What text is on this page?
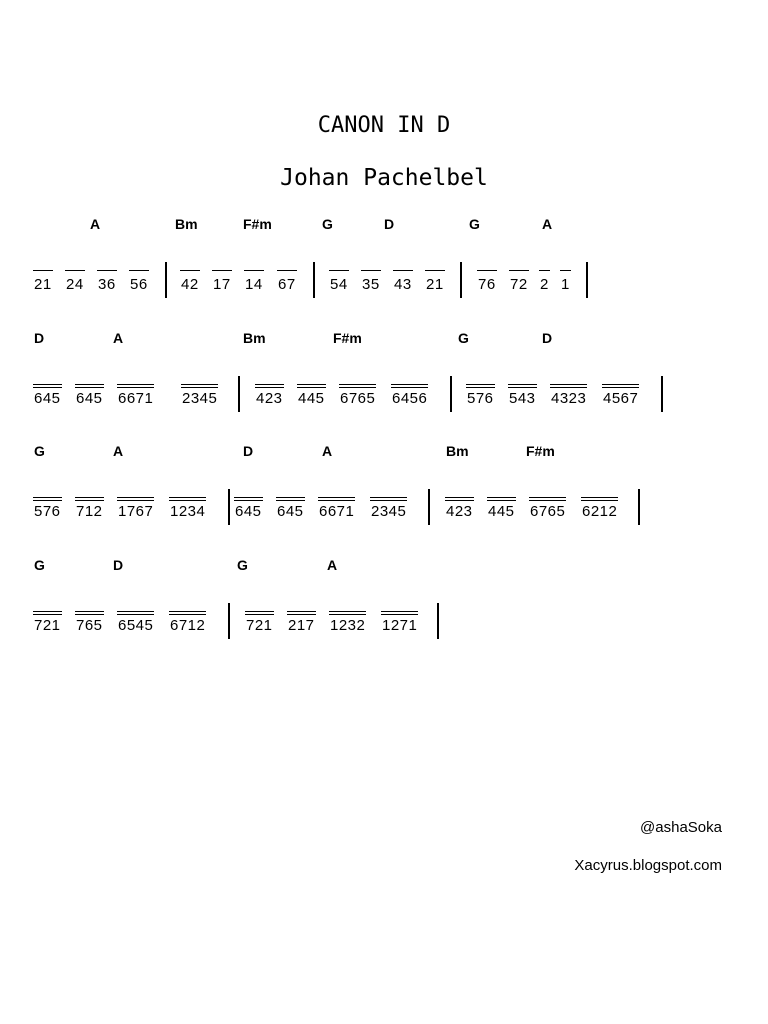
CANON IN D
Johan Pachelbel
A	Bm	F#m	G	D	G	A
21 24 36 56 42 17 14 67 54 35 43 21 76 72 2 1
D	A	Bm	F#m	G	D
645 645 6671 2345	423 445 6765 6456	576 543 4323 4567
G	A	D	A	Bm	F#m
576 712 1767 1234 645 645 6671 2345	423 445 6765 6212
G	D	G	A
721 765 6545 6712	721 217 1232 1271
@ashaSoka
Xacyrus.blogspot.com
